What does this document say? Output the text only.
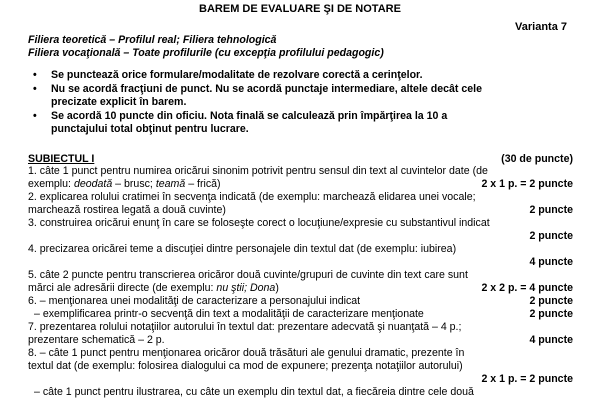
BAREM DE EVALUARE ŞI DE NOTARE
Varianta 7
Filiera teoretică – Profilul real; Filiera tehnologică
Filiera vocaţională – Toate profilurile (cu excepţia profilului pedagogic)
• Se punctează orice formulare/modalitate de rezolvare corectă a cerinţelor.
• Nu se acordă fracţiuni de punct. Nu se acordă punctaje intermediare, altele decât cele
precizate explicit în barem.
• Se acordă 10 puncte din oficiu. Nota finală se calculează prin împărţirea la 10 a
punctajului total obţinut pentru lucrare.
SUBIECTUL I	(30 de puncte)
1. câte 1 punct pentru numirea oricărui sinonim potrivit pentru sensul din text al cuvintelor date (de
exemplu: deodată – brusc; teamă – frică)	2 x 1 p. = 2 puncte
2. explicarea rolului cratimei în secvenţa indicată (de exemplu: marchează elidarea unei vocale;
marchează rostirea legată a două cuvinte)	2 puncte
3. construirea oricărui enunţ în care se foloseşte corect o locuţiune/expresie cu substantivul indicat
2 puncte
4. precizarea oricărei teme a discuţiei dintre personajele din textul dat (de exemplu: iubirea)
4 puncte
5. câte 2 puncte pentru transcrierea oricăror două cuvinte/grupuri de cuvinte din text care sunt
mărci ale adresării directe (de exemplu: nu ştii; Dona)	2 x 2 p. = 4 puncte
6. – menţionarea unei modalităţi de caracterizare a personajului indicat	2 puncte
– exemplificarea printr-o secvenţă din text a modalităţii de caracterizare menţionate	2 puncte
7. prezentarea rolului notaţiilor autorului în textul dat: prezentare adecvată şi nuanţată – 4 p.;
prezentare schematică – 2 p.	4 puncte
8. – câte 1 punct pentru menţionarea oricăror două trăsături ale genului dramatic, prezente în
textul dat (de exemplu: folosirea dialogului ca mod de expunere; prezenţa notaţiilor autorului)
2 x 1 p. = 2 puncte
– câte 1 punct pentru ilustrarea, cu câte un exemplu din textul dat, a fiecăreia dintre cele două
